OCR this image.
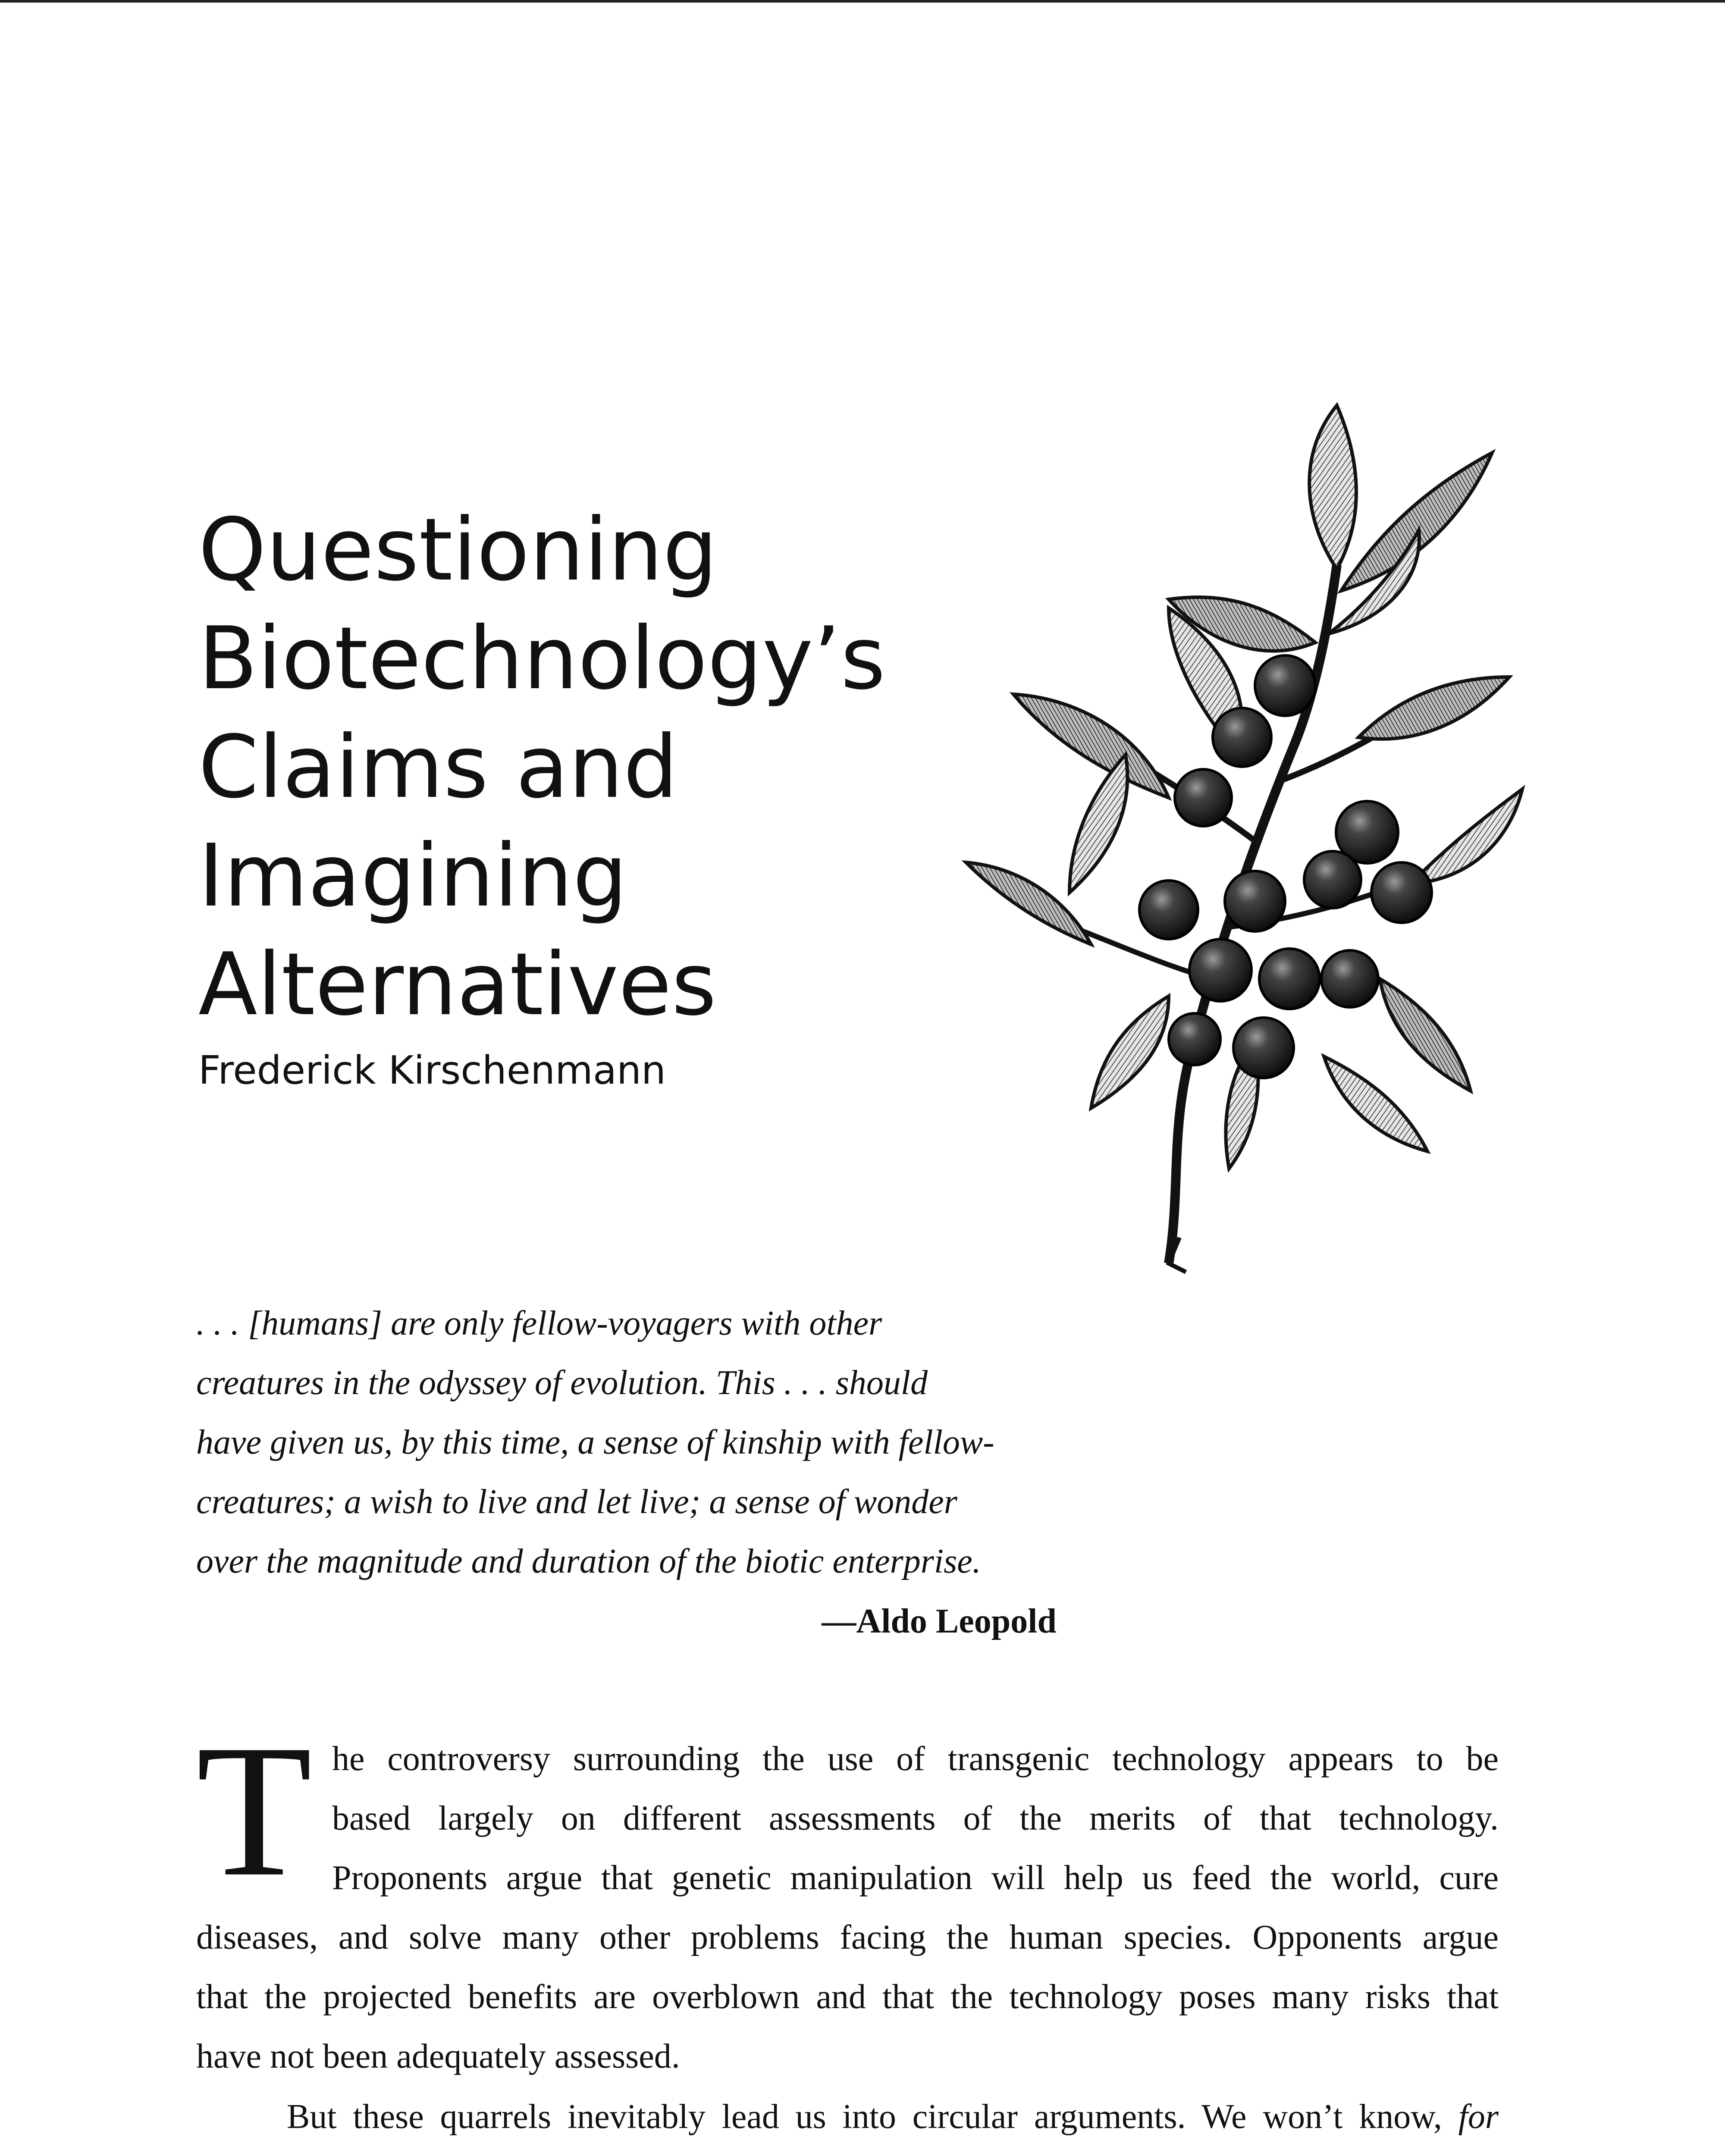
Questioning
Biotechnology’s
Claims and
Imagining
Alternatives
Frederick Kirschenmann
. . . [humans] are only fellow-voyagers with other
creatures in the odyssey of evolution. This . . . should
have given us, by this time, a sense of kinship with fellow-
creatures; a wish to live and let live; a sense of wonder
over the magnitude and duration of the biotic enterprise.
—Aldo Leopold
T he controversy surrounding the use of transgenic technology appears to be
based largely on different assessments of the merits of that technology.
Proponents argue that genetic manipulation will help us feed the world, cure
diseases, and solve many other problems facing the human species. Opponents argue
that the projected benefits are overblown and that the technology poses many risks that
have not been adequately assessed.
But these quarrels inevitably lead us into circular arguments. We won’t know, for
